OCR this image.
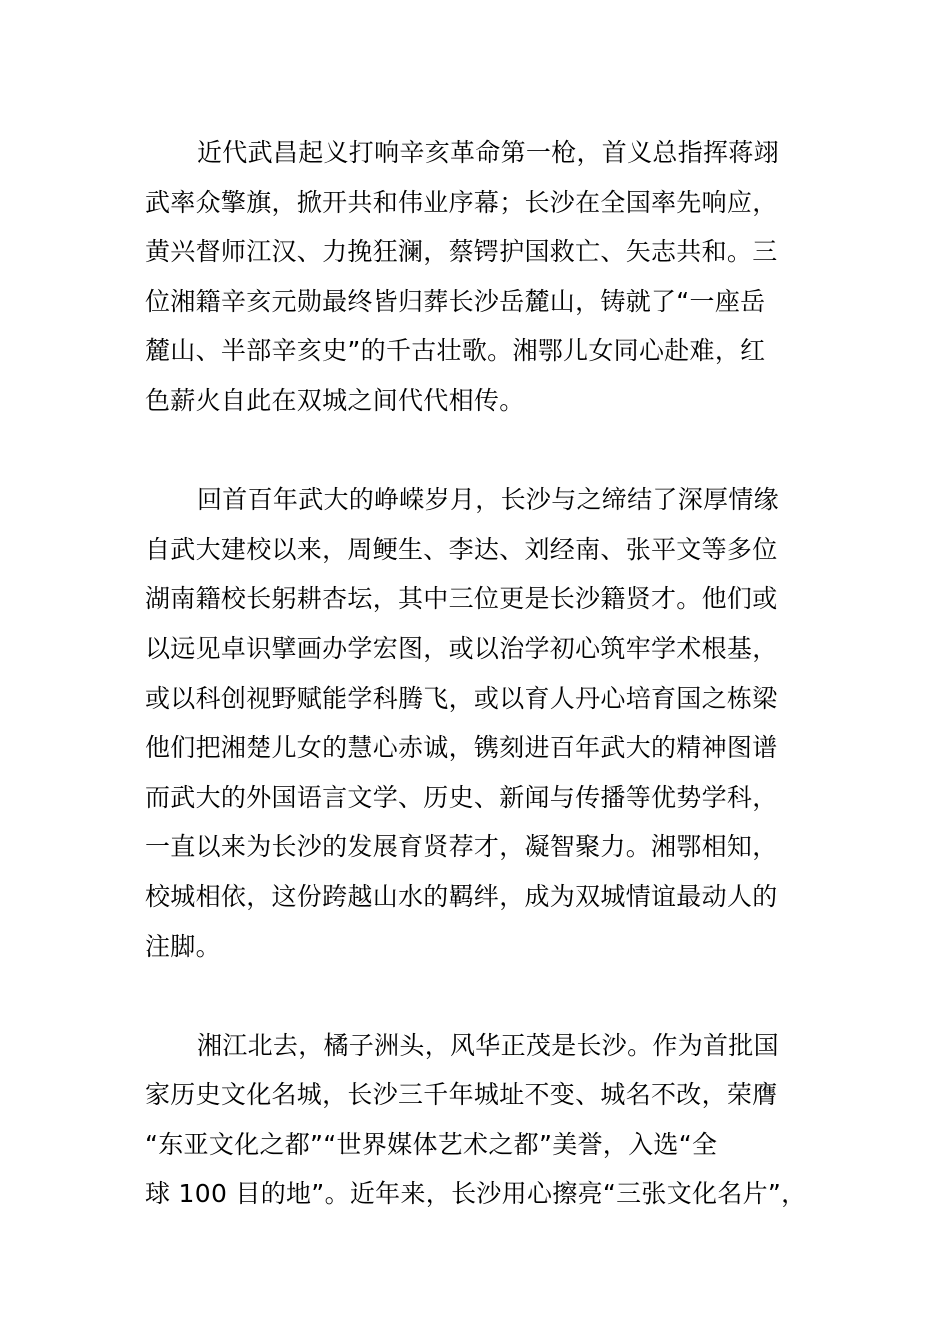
近代武昌起义打响辛亥革命第一枪，首义总指挥蒋翊
武率众擎旗，掀开共和伟业序幕；长沙在全国率先响应，
黄兴督师江汉、力挽狂澜，蔡锷护国救亡、矢志共和。三
位湘籍辛亥元勋最终皆归葬长沙岳麓山，铸就了“一座岳
麓山、半部辛亥史”的千古壮歌。湘鄂儿女同心赴难，红
色薪火自此在双城之间代代相传。

回首百年武大的峥嵘岁月，长沙与之缔结了深厚情缘
自武大建校以来，周鲠生、李达、刘经南、张平文等多位
湖南籍校长躬耕杏坛，其中三位更是长沙籍贤才。他们或
以远见卓识擘画办学宏图，或以治学初心筑牢学术根基，
或以科创视野赋能学科腾飞，或以育人丹心培育国之栋梁
他们把湘楚儿女的慧心赤诚，镌刻进百年武大的精神图谱
而武大的外国语言文学、历史、新闻与传播等优势学科，
一直以来为长沙的发展育贤荐才，凝智聚力。湘鄂相知，
校城相依，这份跨越山水的羁绊，成为双城情谊最动人的
注脚。

湘江北去，橘子洲头，风华正茂是长沙。作为首批国
家历史文化名城，长沙三千年城址不变、城名不改，荣膺
“东亚文化之都”“世界媒体艺术之都”美誉，入选“全
球 100 目的地”。近年来，长沙用心擦亮“三张文化名片”，
